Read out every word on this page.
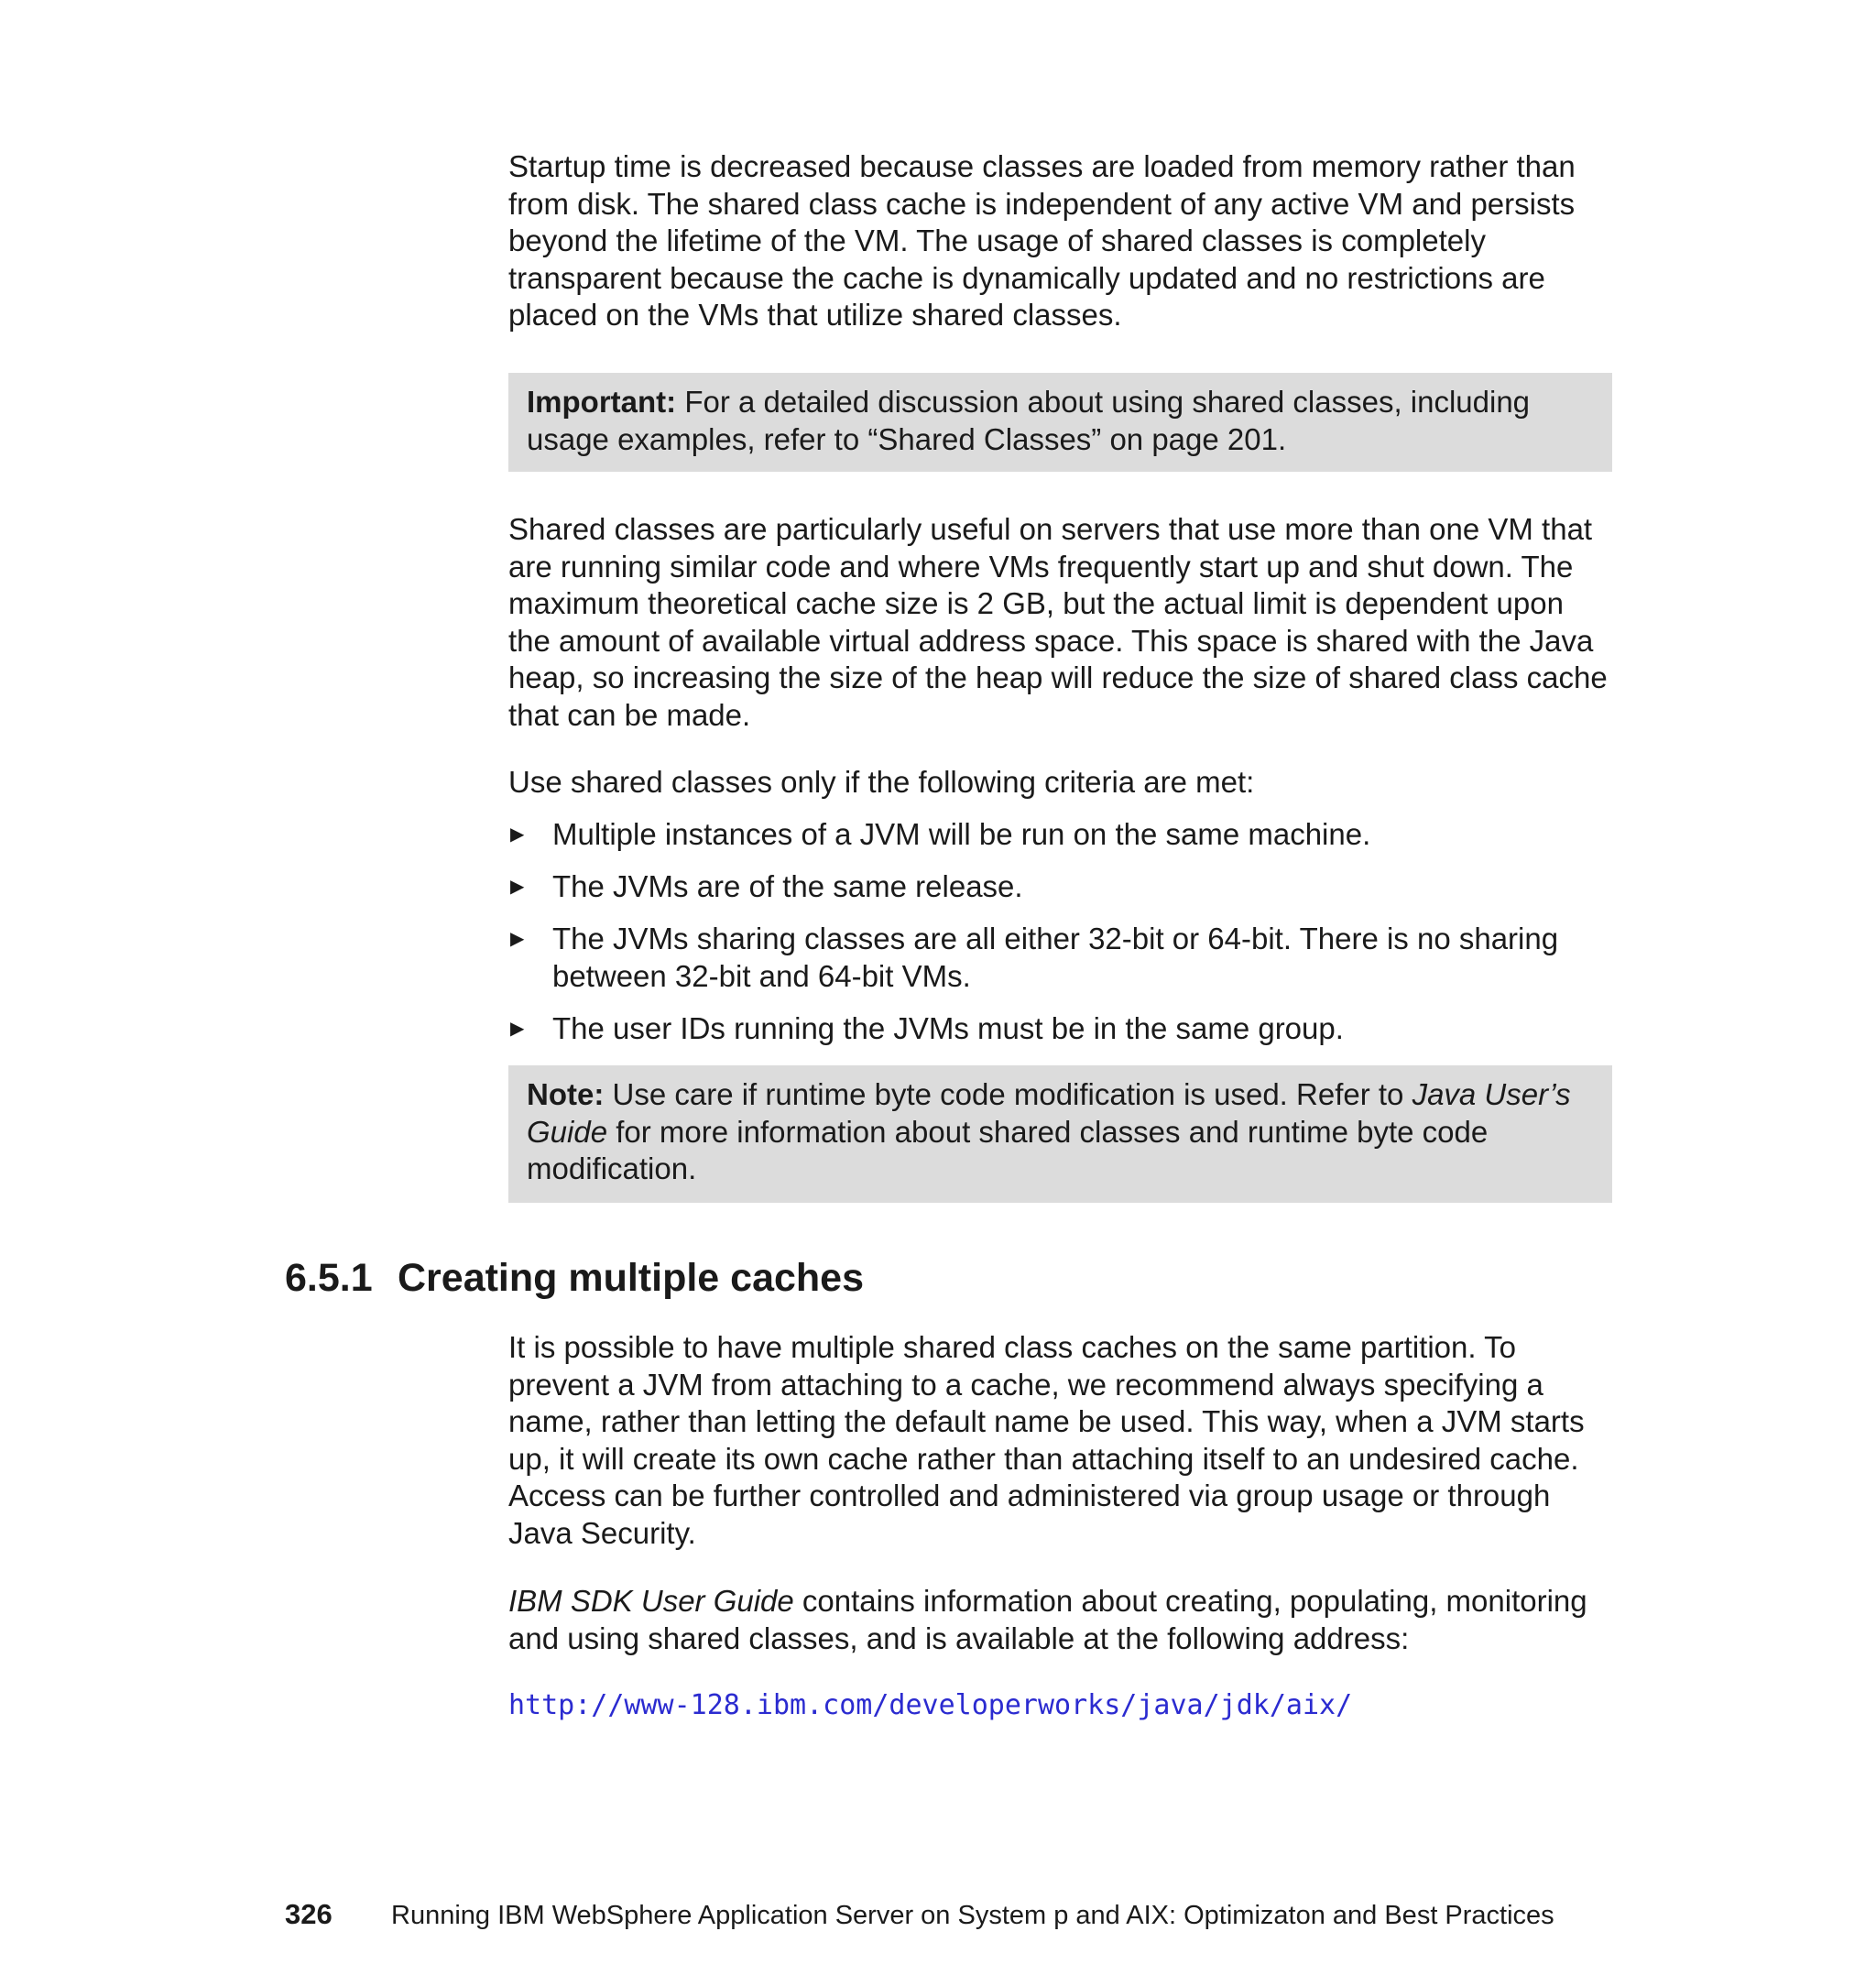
Startup time is decreased because classes are loaded from memory rather than from disk. The shared class cache is independent of any active VM and persists beyond the lifetime of the VM. The usage of shared classes is completely transparent because the cache is dynamically updated and no restrictions are placed on the VMs that utilize shared classes.

Important: For a detailed discussion about using shared classes, including usage examples, refer to “Shared Classes” on page 201.

Shared classes are particularly useful on servers that use more than one VM that are running similar code and where VMs frequently start up and shut down. The maximum theoretical cache size is 2 GB, but the actual limit is dependent upon the amount of available virtual address space. This space is shared with the Java heap, so increasing the size of the heap will reduce the size of shared class cache that can be made.

Use shared classes only if the following criteria are met:

▶ Multiple instances of a JVM will be run on the same machine.
▶ The JVMs are of the same release.
▶ The JVMs sharing classes are all either 32-bit or 64-bit. There is no sharing between 32-bit and 64-bit VMs.
▶ The user IDs running the JVMs must be in the same group.
Note: Use care if runtime byte code modification is used. Refer to Java User’s Guide for more information about shared classes and runtime byte code modification.
6.5.1 Creating multiple caches

It is possible to have multiple shared class caches on the same partition. To prevent a JVM from attaching to a cache, we recommend always specifying a name, rather than letting the default name be used. This way, when a JVM starts up, it will create its own cache rather than attaching itself to an undesired cache. Access can be further controlled and administered via group usage or through Java Security.

IBM SDK User Guide contains information about creating, populating, monitoring and using shared classes, and is available at the following address:

http://www-128.ibm.com/developerworks/java/jdk/aix/
326 Running IBM WebSphere Application Server on System p and AIX: Optimizaton and Best Practices
